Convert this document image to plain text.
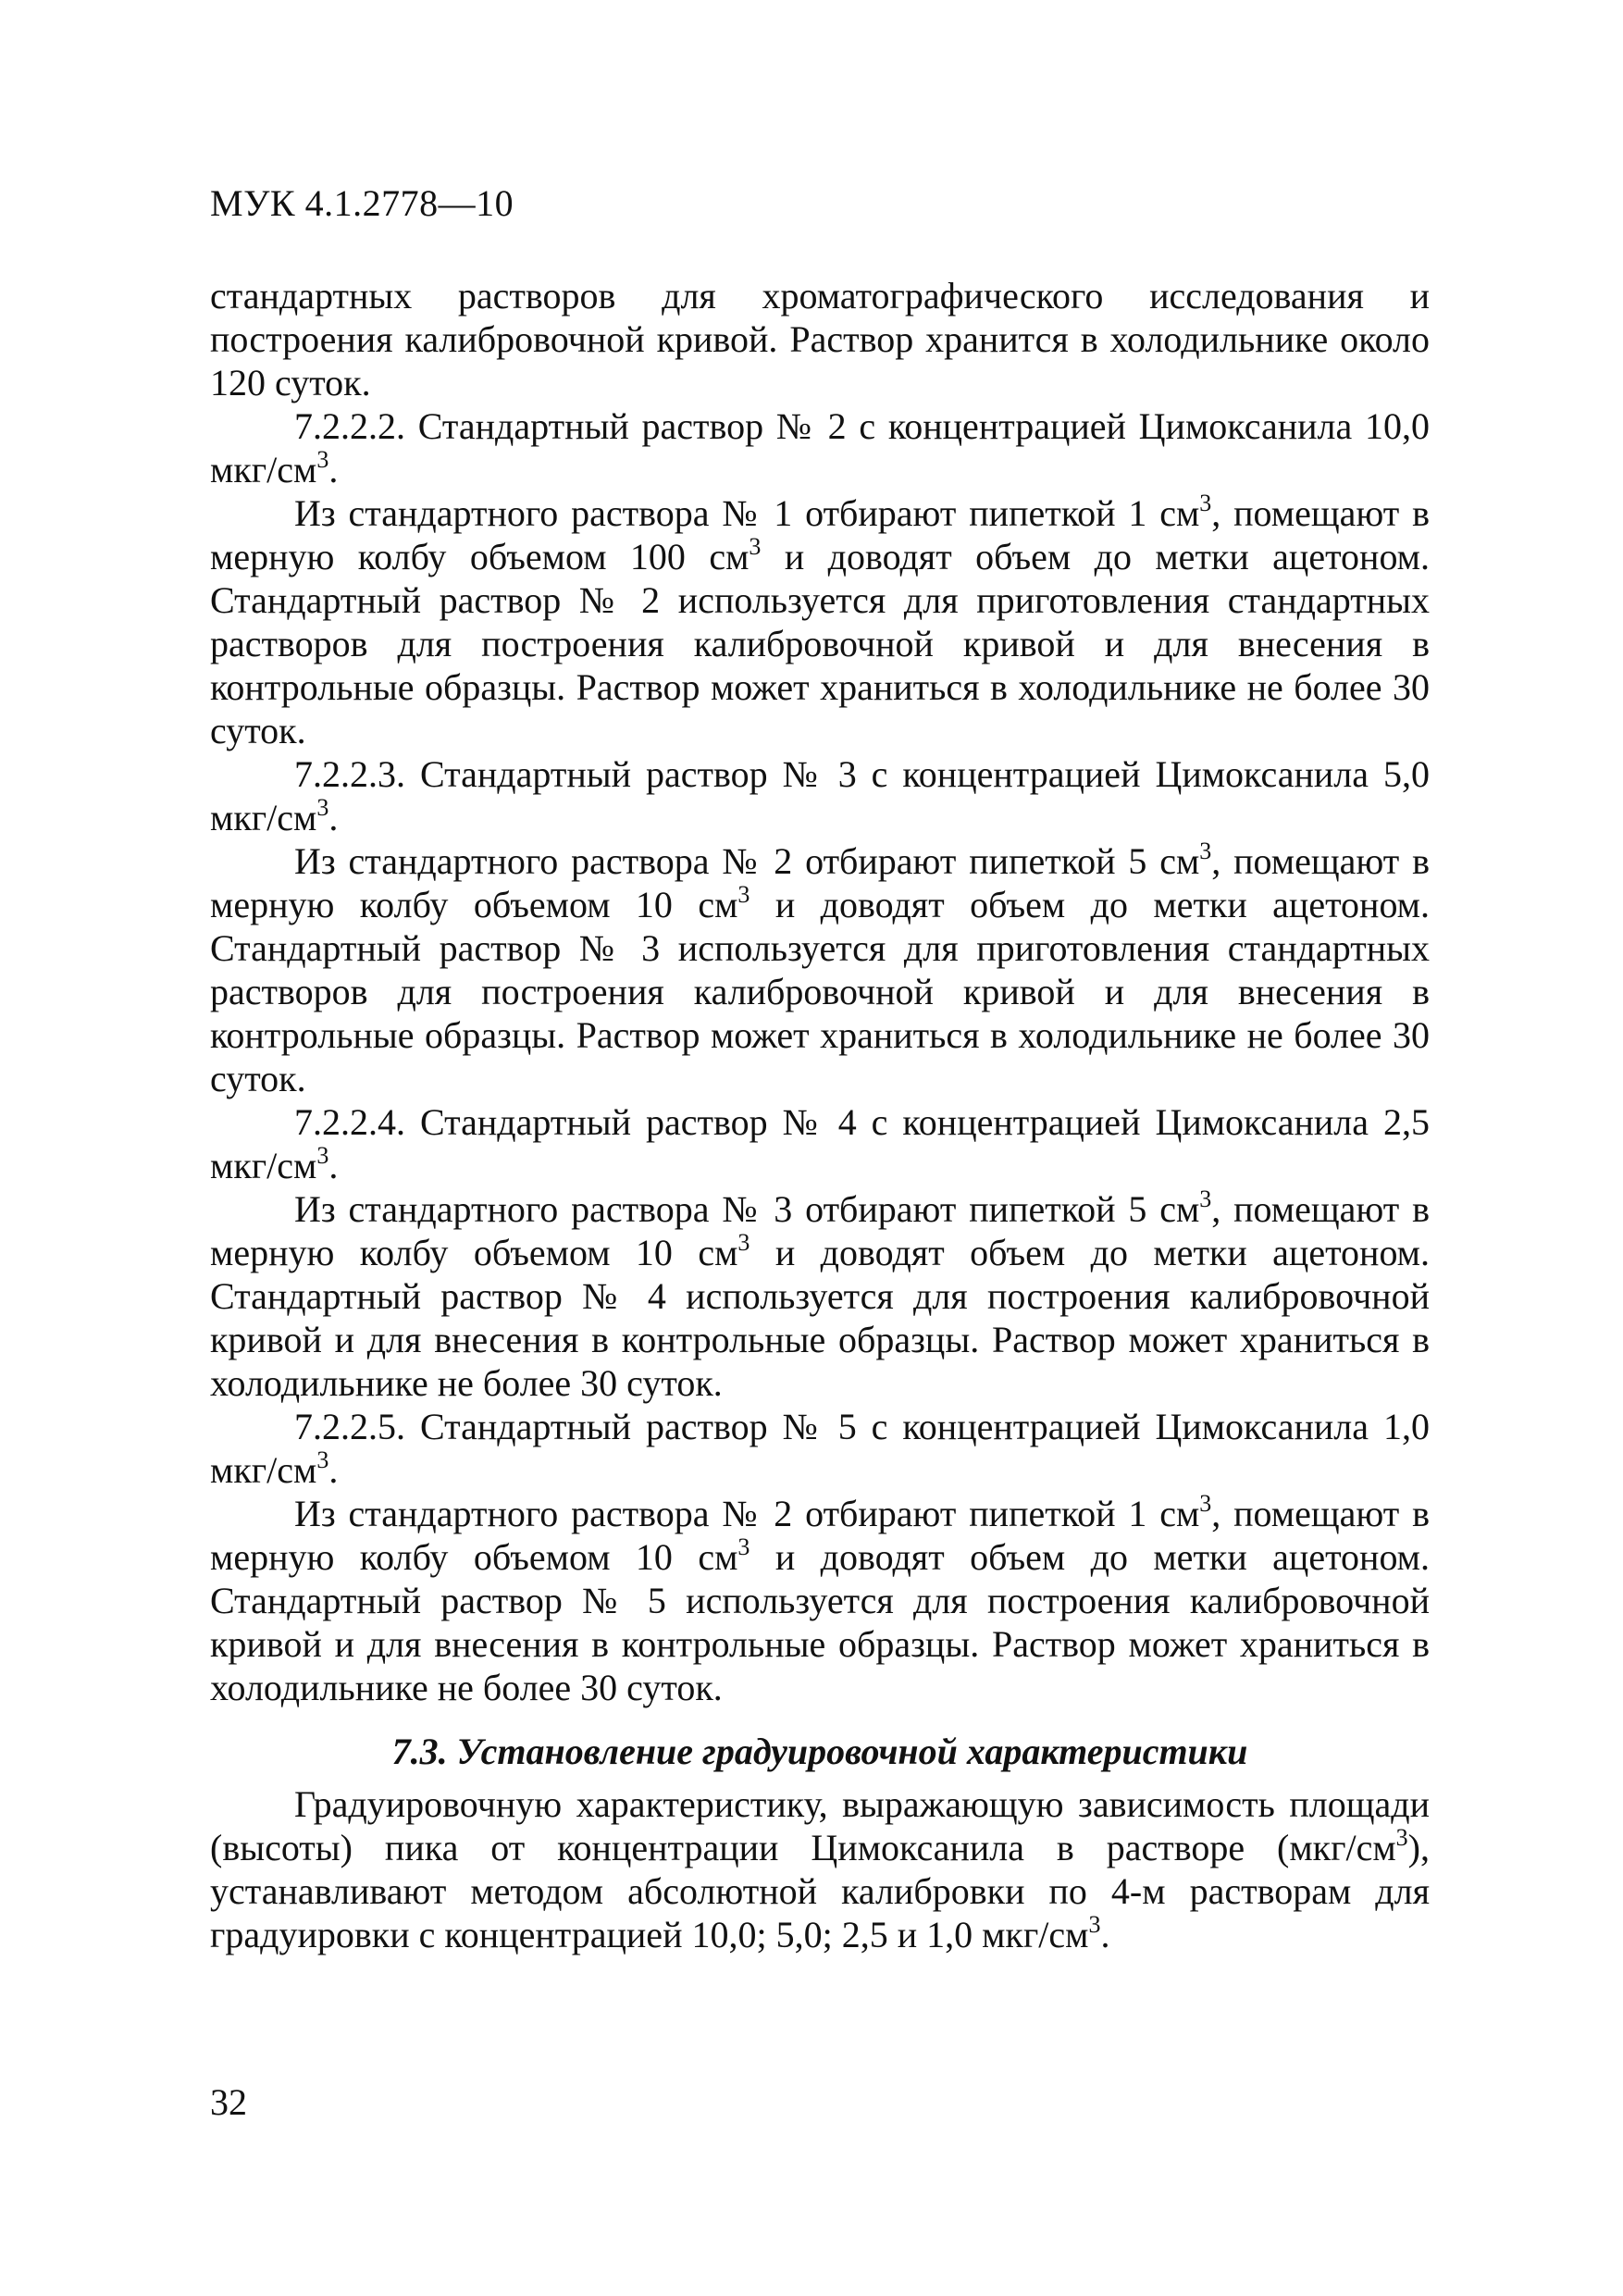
МУК 4.1.2778—10

стандартных растворов для хроматографического исследования и построения калибровочной кривой. Раствор хранится в холодильнике около 120 суток.

7.2.2.2. Стандартный раствор № 2 с концентрацией Цимоксанила 10,0 мкг/$см^3$.

Из стандартного раствора № 1 отбирают пипеткой 1 $см^3$, помещают в мерную колбу объемом 100 $см^3$ и доводят объем до метки ацетоном. Стандартный раствор № 2 используется для приготовления стандартных растворов для построения калибровочной кривой и для внесения в контрольные образцы. Раствор может храниться в холодильнике не более 30 суток.

7.2.2.3. Стандартный раствор № 3 с концентрацией Цимоксанила 5,0 мкг/$см^3$.

Из стандартного раствора № 2 отбирают пипеткой 5 $см^3$, помещают в мерную колбу объемом 10 $см^3$ и доводят объем до метки ацетоном. Стандартный раствор № 3 используется для приготовления стандартных растворов для построения калибровочной кривой и для внесения в контрольные образцы. Раствор может храниться в холодильнике не более 30 суток.

7.2.2.4. Стандартный раствор № 4 с концентрацией Цимоксанила 2,5 мкг/$см^3$.

Из стандартного раствора № 3 отбирают пипеткой 5 $см^3$, помещают в мерную колбу объемом 10 $см^3$ и доводят объем до метки ацетоном. Стандартный раствор № 4 используется для построения калибровочной кривой и для внесения в контрольные образцы. Раствор может храниться в холодильнике не более 30 суток.

7.2.2.5. Стандартный раствор № 5 с концентрацией Цимоксанила 1,0 мкг/$см^3$.

Из стандартного раствора № 2 отбирают пипеткой 1 $см^3$, помещают в мерную колбу объемом 10 $см^3$ и доводят объем до метки ацетоном. Стандартный раствор № 5 используется для построения калибровочной кривой и для внесения в контрольные образцы. Раствор может храниться в холодильнике не более 30 суток.

7.3. Установление градуировочной характеристики

Градуировочную характеристику, выражающую зависимость площади (высоты) пика от концентрации Цимоксанила в растворе $(мкг/см^3)$, устанавливают методом абсолютной калибровки по 4-м растворам для градуировки с концентрацией 10,0; 5,0; 2,5 и 1,0 мкг/$см^3$.

32
